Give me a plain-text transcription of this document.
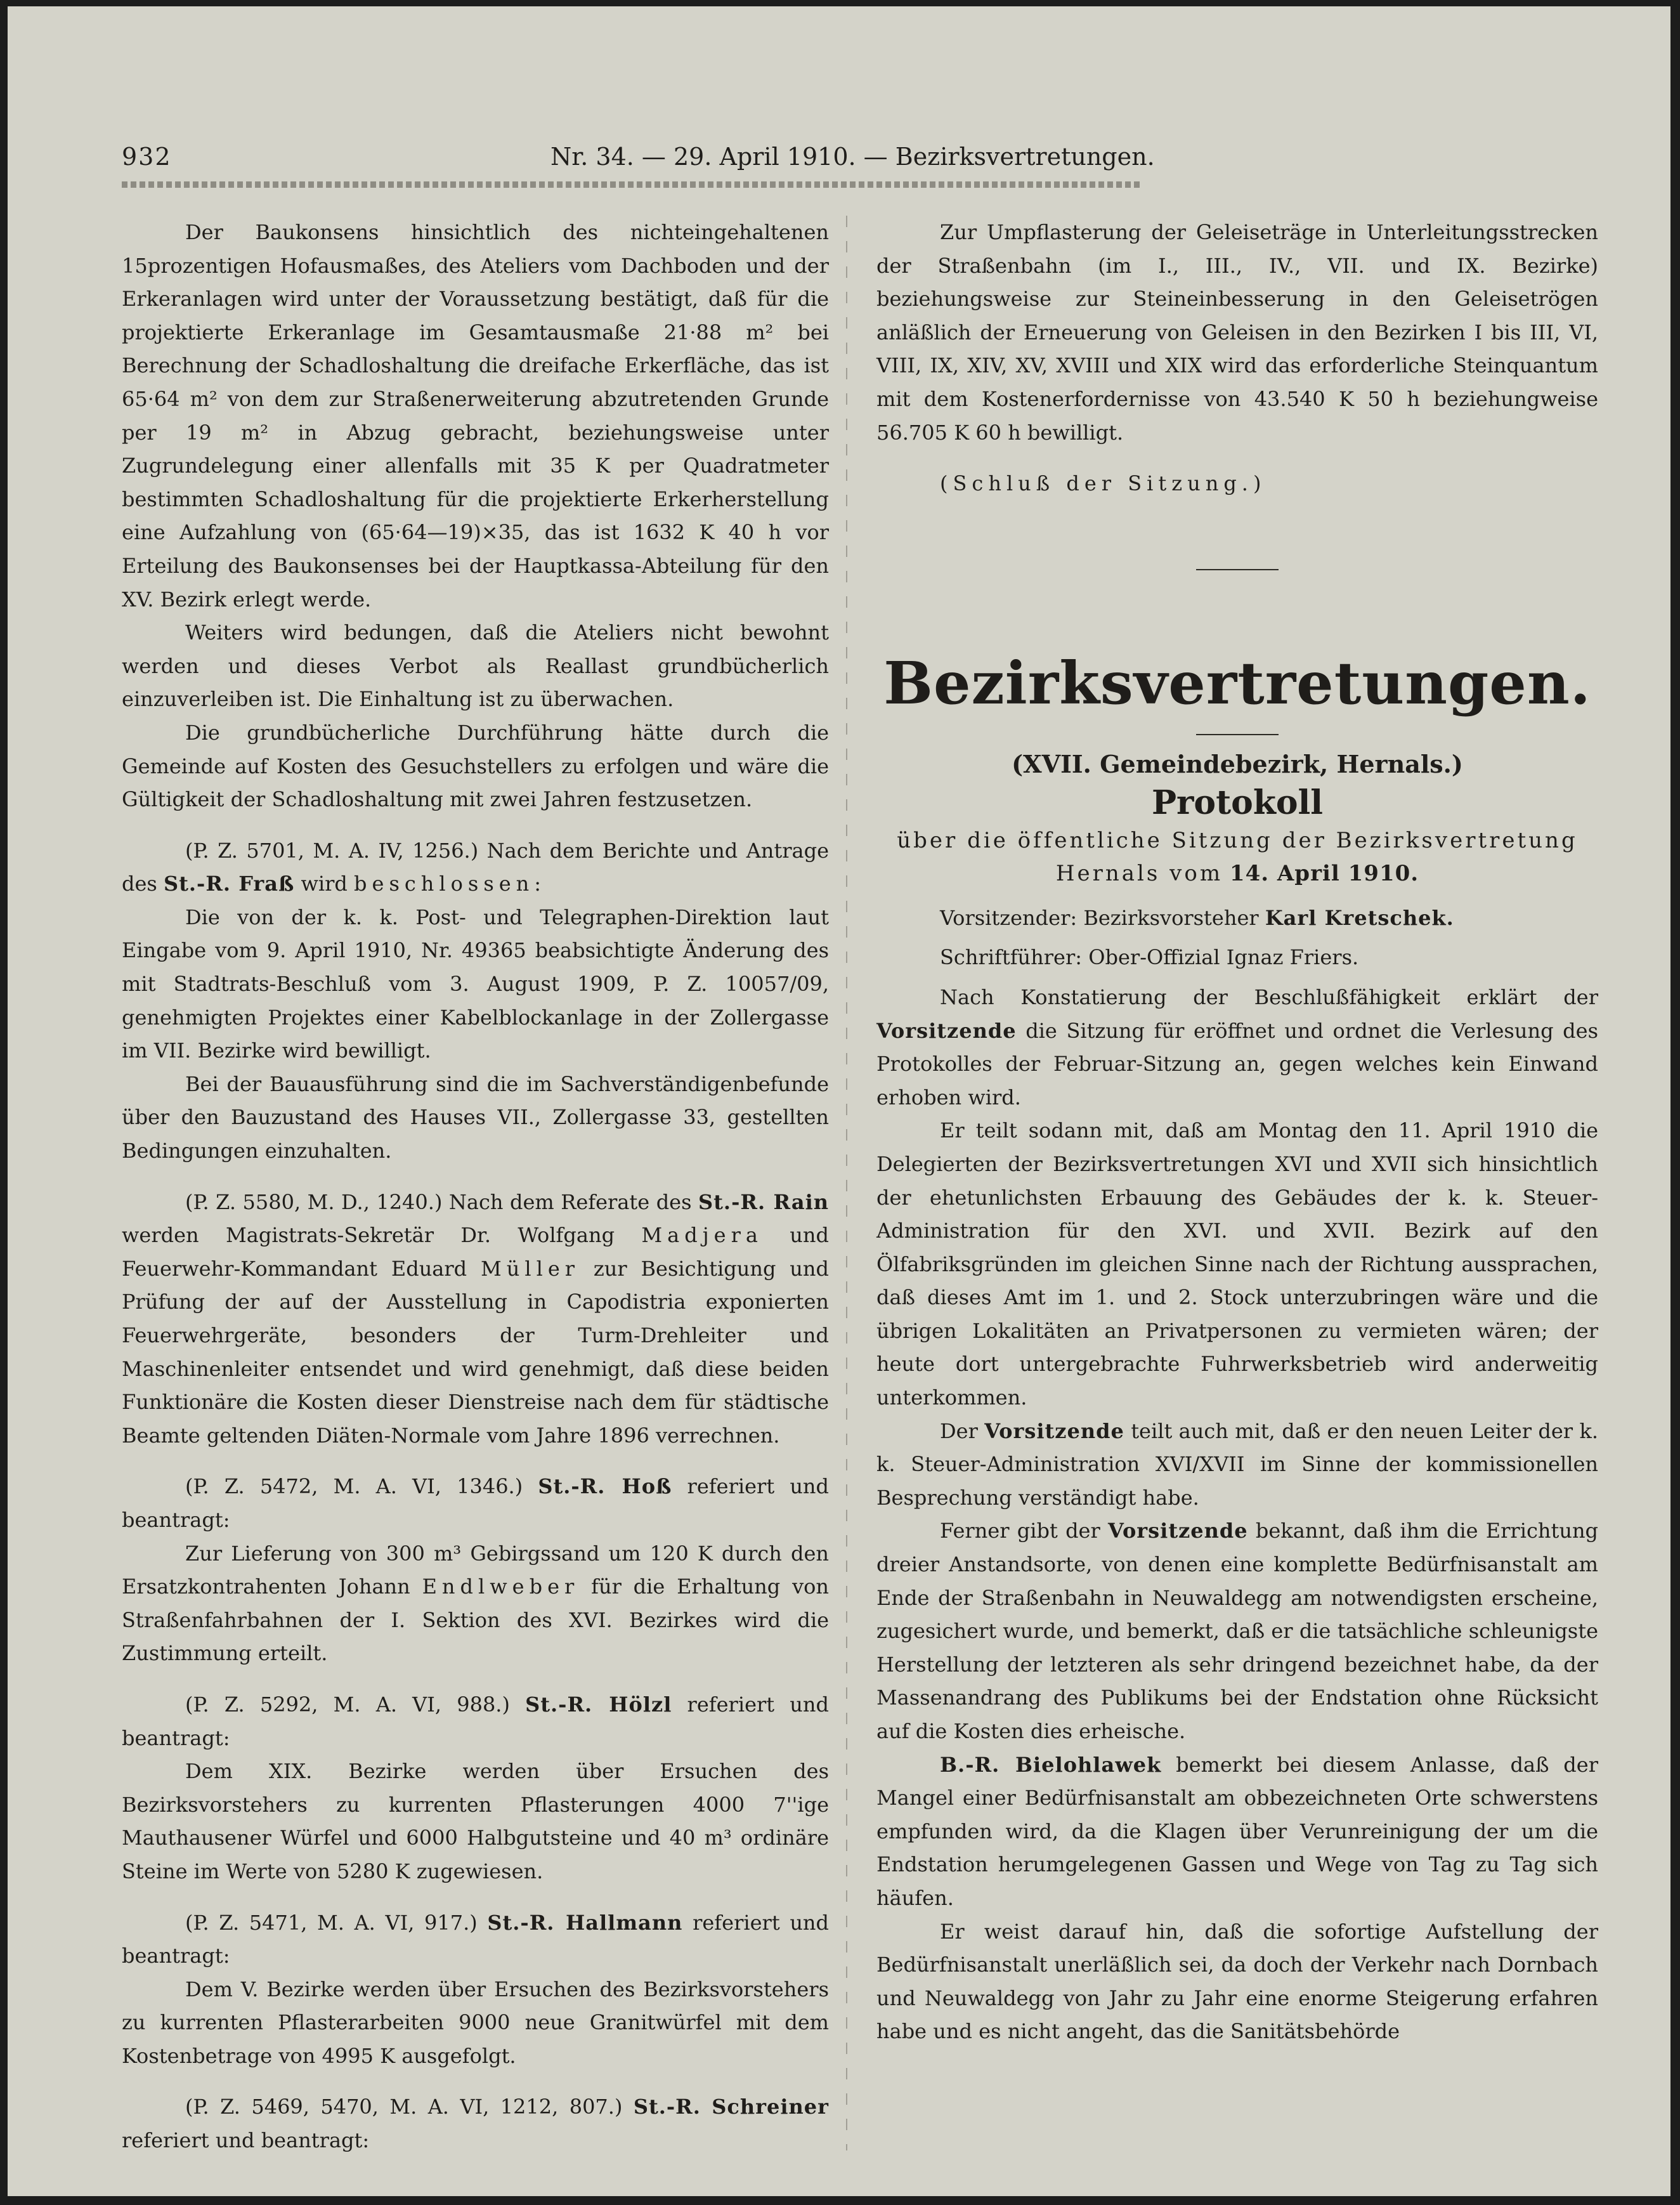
932	Nr. 34. — 29. April 1910. — Bezirksvertretungen.

Der Baukonsens hinsichtlich des nichteingehaltenen 15prozentigen Hofausmaßes, des Ateliers vom Dachboden und der Erkeranlagen wird unter der Voraussetzung bestätigt, daß für die projektierte Erkeranlage im Gesamtausmaße 21·88 m² bei Berechnung der Schadloshaltung die dreifache Erkerfläche, das ist 65·64 m² von dem zur Straßenerweiterung abzutretenden Grunde per 19 m² in Abzug gebracht, beziehungsweise unter Zugrundelegung einer allenfalls mit 35 K per Quadratmeter bestimmten Schadloshaltung für die projektierte Erkerherstellung eine Aufzahlung von (65·64—19)×35, das ist 1632 K 40 h vor Erteilung des Baukonsenses bei der Hauptkassa-Abteilung für den XV. Bezirk erlegt werde.

Weiters wird bedungen, daß die Ateliers nicht bewohnt werden und dieses Verbot als Reallast grundbücherlich einzuverleiben ist. Die Einhaltung ist zu überwachen.

Die grundbücherliche Durchführung hätte durch die Gemeinde auf Kosten des Gesuchstellers zu erfolgen und wäre die Gültigkeit der Schadloshaltung mit zwei Jahren festzusetzen.

(P. Z. 5701, M. A. IV, 1256.) Nach dem Berichte und Antrage des St.-R. Fraß wird beschlossen:

Die von der k. k. Post- und Telegraphen-Direktion laut Eingabe vom 9. April 1910, Nr. 49365 beabsichtigte Änderung des mit Stadtrats-Beschluß vom 3. August 1909, P. Z. 10057/09, genehmigten Projektes einer Kabelblockanlage in der Zollergasse im VII. Bezirke wird bewilligt.

Bei der Bauausführung sind die im Sachverständigenbefunde über den Bauzustand des Hauses VII., Zollergasse 33, gestellten Bedingungen einzuhalten.

(P. Z. 5580, M. D., 1240.) Nach dem Referate des St.-R. Rain werden Magistrats-Sekretär Dr. Wolfgang Madjera und Feuerwehr-Kommandant Eduard Müller zur Besichtigung und Prüfung der auf der Ausstellung in Capodistria exponierten Feuerwehrgeräte, besonders der Turm-Drehleiter und Maschinenleiter entsendet und wird genehmigt, daß diese beiden Funktionäre die Kosten dieser Dienstreise nach dem für städtische Beamte geltenden Diäten-Normale vom Jahre 1896 verrechnen.

(P. Z. 5472, M. A. VI, 1346.) St.-R. Hoß referiert und beantragt:

Zur Lieferung von 300 m³ Gebirgssand um 120 K durch den Ersatzkontrahenten Johann Endlweber für die Erhaltung von Straßenfahrbahnen der I. Sektion des XVI. Bezirkes wird die Zustimmung erteilt.

(P. Z. 5292, M. A. VI, 988.) St.-R. Hölzl referiert und beantragt:

Dem XIX. Bezirke werden über Ersuchen des Bezirksvorstehers zu kurrenten Pflasterungen 4000 7''ige Mauthausener Würfel und 6000 Halbgutsteine und 40 m³ ordinäre Steine im Werte von 5280 K zugewiesen.

(P. Z. 5471, M. A. VI, 917.) St.-R. Hallmann referiert und beantragt:

Dem V. Bezirke werden über Ersuchen des Bezirksvorstehers zu kurrenten Pflasterarbeiten 9000 neue Granitwürfel mit dem Kostenbetrage von 4995 K ausgefolgt.

(P. Z. 5469, 5470, M. A. VI, 1212, 807.) St.-R. Schreiner referiert und beantragt:

Zur Umpflasterung der Geleiseträge in Unterleitungsstrecken der Straßenbahn (im I., III., IV., VII. und IX. Bezirke) beziehungsweise zur Steineinbesserung in den Geleisetrögen anläßlich der Erneuerung von Geleisen in den Bezirken I bis III, VI, VIII, IX, XIV, XV, XVIII und XIX wird das erforderliche Steinquantum mit dem Kostenerfordernisse von 43.540 K 50 h beziehungweise 56.705 K 60 h bewilligt.

(Schluß der Sitzung.)

Bezirksvertretungen.
(XVII. Gemeindebezirk, Hernals.)
Protokoll
über die öffentliche Sitzung der Bezirksvertretung
Hernals vom 14. April 1910.

Vorsitzender: Bezirksvorsteher Karl Kretschek.

Schriftführer: Ober-Offizial Ignaz Friers.

Nach Konstatierung der Beschlußfähigkeit erklärt der Vorsitzende die Sitzung für eröffnet und ordnet die Verlesung des Protokolles der Februar-Sitzung an, gegen welches kein Einwand erhoben wird.

Er teilt sodann mit, daß am Montag den 11. April 1910 die Delegierten der Bezirksvertretungen XVI und XVII sich hinsichtlich der ehetunlichsten Erbauung des Gebäudes der k. k. Steuer-Administration für den XVI. und XVII. Bezirk auf den Ölfabriksgründen im gleichen Sinne nach der Richtung aussprachen, daß dieses Amt im 1. und 2. Stock unterzubringen wäre und die übrigen Lokalitäten an Privatpersonen zu vermieten wären; der heute dort untergebrachte Fuhrwerksbetrieb wird anderweitig unterkommen.

Der Vorsitzende teilt auch mit, daß er den neuen Leiter der k. k. Steuer-Administration XVI/XVII im Sinne der kommissionellen Besprechung verständigt habe.

Ferner gibt der Vorsitzende bekannt, daß ihm die Errichtung dreier Anstandsorte, von denen eine komplette Bedürfnisanstalt am Ende der Straßenbahn in Neuwaldegg am notwendigsten erscheine, zugesichert wurde, und bemerkt, daß er die tatsächliche schleunigste Herstellung der letzteren als sehr dringend bezeichnet habe, da der Massenandrang des Publikums bei der Endstation ohne Rücksicht auf die Kosten dies erheische.

B.-R. Bielohlawek bemerkt bei diesem Anlasse, daß der Mangel einer Bedürfnisanstalt am obbezeichneten Orte schwerstens empfunden wird, da die Klagen über Verunreinigung der um die Endstation herumgelegenen Gassen und Wege von Tag zu Tag sich häufen.

Er weist darauf hin, daß die sofortige Aufstellung der Bedürfnisanstalt unerläßlich sei, da doch der Verkehr nach Dornbach und Neuwaldegg von Jahr zu Jahr eine enorme Steigerung erfahren habe und es nicht angeht, das die Sanitätsbehörde
